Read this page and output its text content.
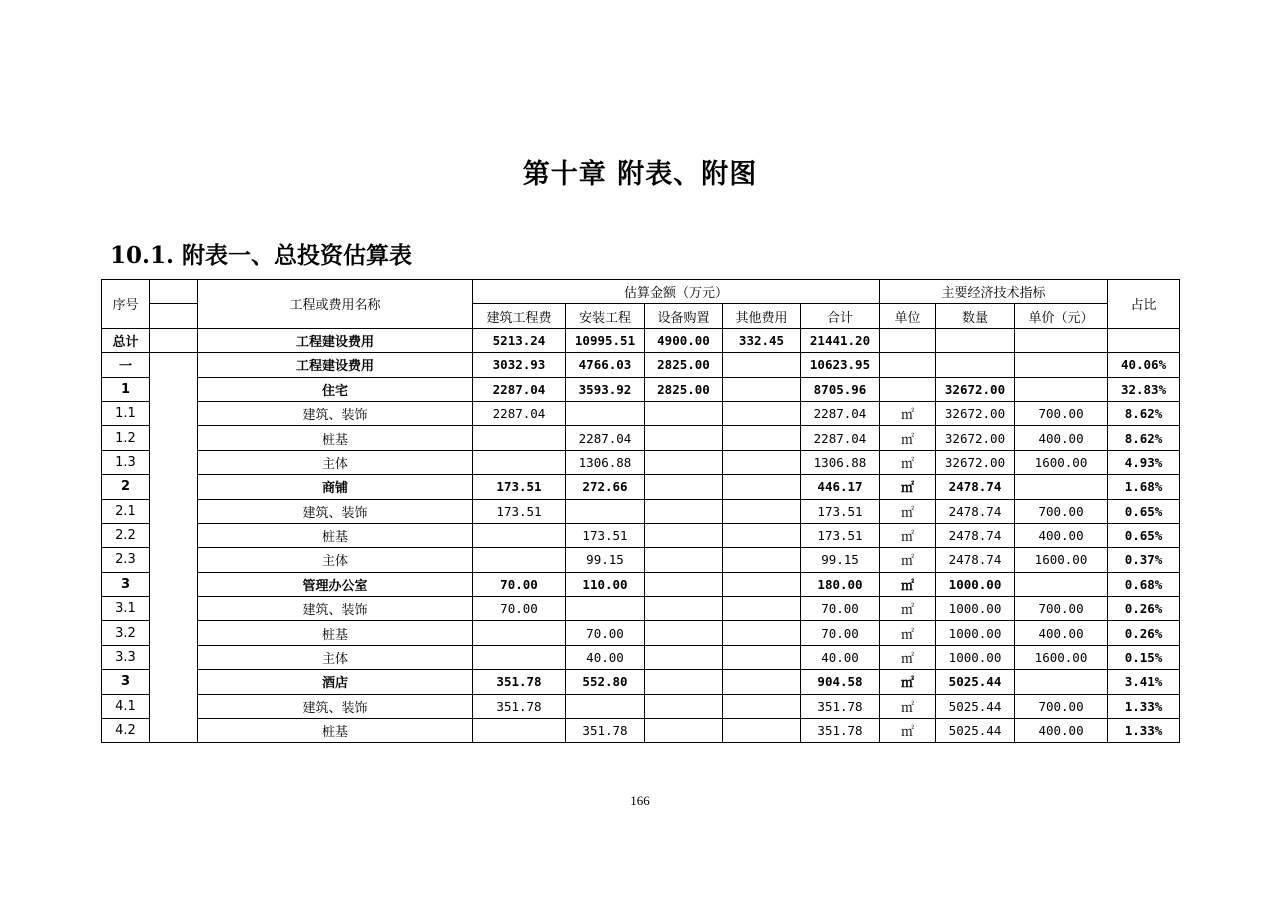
第十章 附表、附图
10.1. 附表一、总投资估算表
序号		工程或费用名称	估算金额（万元）					主要经济技术指标			占比
			建筑工程费	安装工程	设备购置	其他费用	合计	单位	数量	单价（元）	
总计		工程建设费用	5213.24	10995.51	4900.00	332.45	21441.20				
一		工程建设费用	3032.93	4766.03	2825.00		10623.95				40.06%
1		住宅	2287.04	3593.92	2825.00		8705.96		32672.00		32.83%
1.1		建筑、装饰	2287.04				2287.04	㎡	32672.00	700.00	8.62%
1.2		桩基		2287.04			2287.04	㎡	32672.00	400.00	8.62%
1.3		主体		1306.88			1306.88	㎡	32672.00	1600.00	4.93%
2		商铺	173.51	272.66			446.17	㎡	2478.74		1.68%
2.1		建筑、装饰	173.51				173.51	㎡	2478.74	700.00	0.65%
2.2		桩基		173.51			173.51	㎡	2478.74	400.00	0.65%
2.3		主体		99.15			99.15	㎡	2478.74	1600.00	0.37%
3		管理办公室	70.00	110.00			180.00	㎡	1000.00		0.68%
3.1		建筑、装饰	70.00				70.00	㎡	1000.00	700.00	0.26%
3.2		桩基		70.00			70.00	㎡	1000.00	400.00	0.26%
3.3		主体		40.00			40.00	㎡	1000.00	1600.00	0.15%
3		酒店	351.78	552.80			904.58	㎡	5025.44		3.41%
4.1		建筑、装饰	351.78				351.78	㎡	5025.44	700.00	1.33%
4.2		桩基		351.78			351.78	㎡	5025.44	400.00	1.33%
166
